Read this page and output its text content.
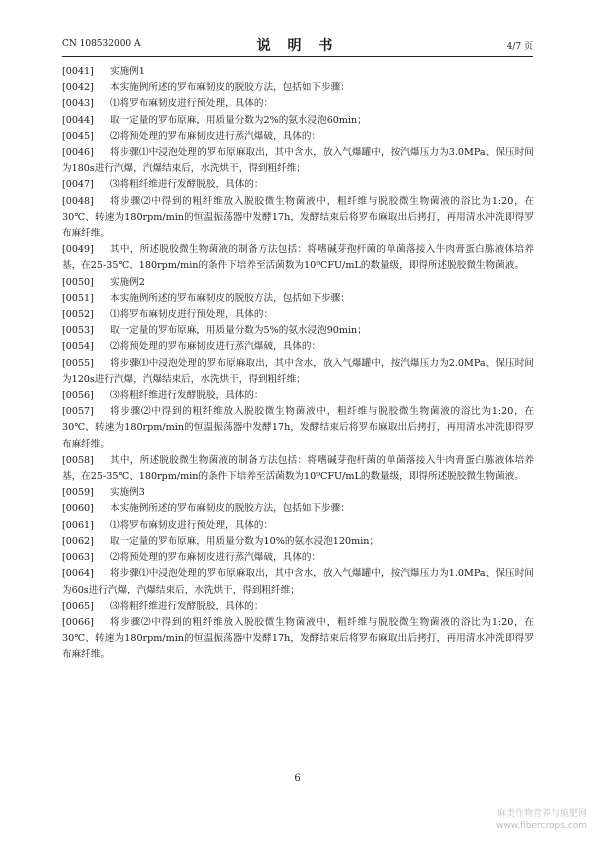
CN 108532000 A	说 明 书	4/7 页
[0041]	实施例1
[0042]	本实施例所述的罗布麻韧皮的脱胶方法，包括如下步骤：
[0043]	⑴将罗布麻韧皮进行预处理，具体的：
[0044]	取一定量的罗布原麻，用质量分数为2%的氨水浸泡60min；
[0045]	⑵将预处理的罗布麻韧皮进行蒸汽爆破，具体的：
[0046]	将步骤⑴中浸泡处理的罗布原麻取出，其中含水，放入气爆罐中，按汽爆压力为3.0MPa、保压时间为180s进行汽爆，汽爆结束后，水洗烘干，得到粗纤维；
[0047]	⑶将粗纤维进行发酵脱胶，具体的：
[0048]	将步骤⑵中得到的粗纤维放入脱胶微生物菌液中，粗纤维与脱胶微生物菌液的浴比为1:20，在30℃、转速为180rpm/min的恒温振荡器中发酵17h，发酵结束后将罗布麻取出后拷打，再用清水冲洗即得罗布麻纤维。
[0049]	其中，所述脱胶微生物菌液的制备方法包括：将嗜碱芽孢杆菌的单菌落接入牛肉膏蛋白胨液体培养基，在25-35℃、180rpm/min的条件下培养至活菌数为10⁹CFU/mL的数量级，即得所述脱胶微生物菌液。
[0050]	实施例2
[0051]	本实施例所述的罗布麻韧皮的脱胶方法，包括如下步骤：
[0052]	⑴将罗布麻韧皮进行预处理，具体的：
[0053]	取一定量的罗布原麻，用质量分数为5%的氨水浸泡90min；
[0054]	⑵将预处理的罗布麻韧皮进行蒸汽爆破，具体的：
[0055]	将步骤⑴中浸泡处理的罗布原麻取出，其中含水，放入气爆罐中，按汽爆压力为2.0MPa、保压时间为120s进行汽爆，汽爆结束后，水洗烘干，得到粗纤维；
[0056]	⑶将粗纤维进行发酵脱胶，具体的：
[0057]	将步骤⑵中得到的粗纤维放入脱胶微生物菌液中，粗纤维与脱胶微生物菌液的浴比为1:20，在30℃、转速为180rpm/min的恒温振荡器中发酵17h，发酵结束后将罗布麻取出后拷打，再用清水冲洗即得罗布麻纤维。
[0058]	其中，所述脱胶微生物菌液的制备方法包括：将嗜碱芽孢杆菌的单菌落接入牛肉膏蛋白胨液体培养基，在25-35℃、180rpm/min的条件下培养至活菌数为10⁹CFU/mL的数量级，即得所述脱胶微生物菌液。
[0059]	实施例3
[0060]	本实施例所述的罗布麻韧皮的脱胶方法，包括如下步骤：
[0061]	⑴将罗布麻韧皮进行预处理，具体的：
[0062]	取一定量的罗布原麻，用质量分数为10%的氨水浸泡120min；
[0063]	⑵将预处理的罗布麻韧皮进行蒸汽爆破，具体的：
[0064]	将步骤⑴中浸泡处理的罗布原麻取出，其中含水，放入气爆罐中，按汽爆压力为1.0MPa、保压时间为60s进行汽爆，汽爆结束后，水洗烘干，得到粗纤维；
[0065]	⑶将粗纤维进行发酵脱胶，具体的：
[0066]	将步骤⑵中得到的粗纤维放入脱胶微生物菌液中，粗纤维与脱胶微生物菌液的浴比为1:20，在30℃、转速为180rpm/min的恒温振荡器中发酵17h，发酵结束后将罗布麻取出后拷打，再用清水冲洗即得罗布麻纤维。
6
麻类作物营养与施肥网
www.fibercrops.com
